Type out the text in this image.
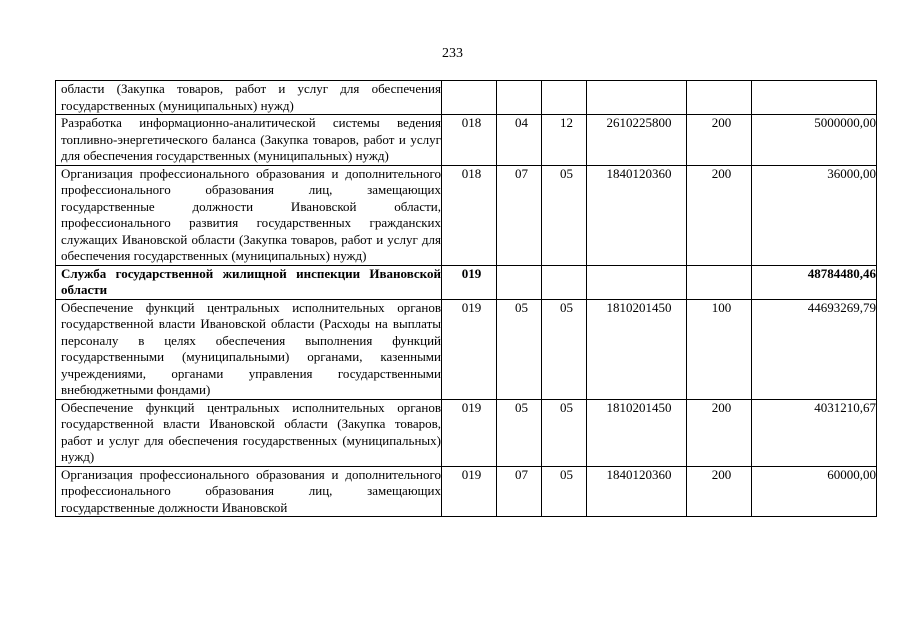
233
области (Закупка товаров, работ и услуг для обеспечения государственных (муниципальных) нужд)						
Разработка информационно-аналитической системы ведения топливно-энергетического баланса (Закупка товаров, работ и услуг для обеспечения государственных (муниципальных) нужд)	018	04	12	2610225800	200	5000000,00
Организация профессионального образования и дополнительного профессионального образования лиц, замещающих государственные должности Ивановской области, профессионального развития государственных гражданских служащих Ивановской области (Закупка товаров, работ и услуг для обеспечения государственных (муниципальных) нужд)	018	07	05	1840120360	200	36000,00
Служба государственной жилищной инспекции Ивановской области	019					48784480,46
Обеспечение функций центральных исполнительных органов государственной власти Ивановской области (Расходы на выплаты персоналу в целях обеспечения выполнения функций государственными (муниципальными) органами, казенными учреждениями, органами управления государственными внебюджетными фондами)	019	05	05	1810201450	100	44693269,79
Обеспечение функций центральных исполнительных органов государственной власти Ивановской области (Закупка товаров, работ и услуг для обеспечения государственных (муниципальных) нужд)	019	05	05	1810201450	200	4031210,67
Организация профессионального образования и дополнительного профессионального образования лиц, замещающих государственные должности Ивановской	019	07	05	1840120360	200	60000,00
